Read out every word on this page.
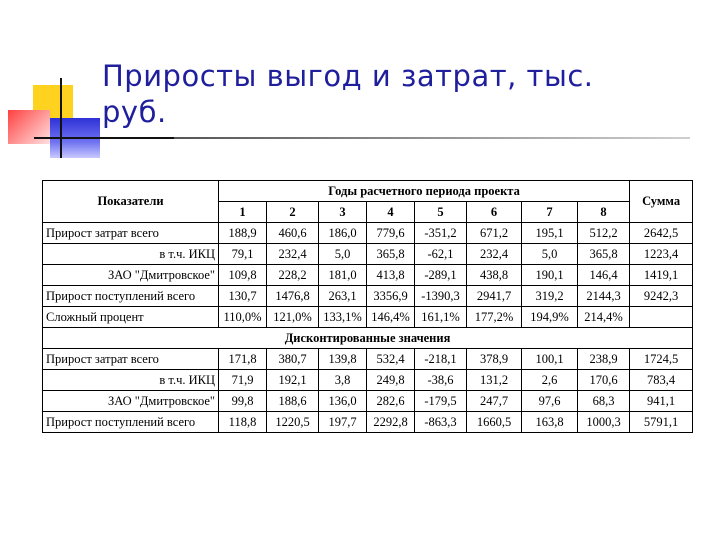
Приросты выгод и затрат, тыс. руб.
Показатели	Годы расчетного периода проекта								Сумма
	1	2	3	4	5	6	7	8	
Прирост затрат всего	188,9	460,6	186,0	779,6	-351,2	671,2	195,1	512,2	2642,5
в т.ч. ИКЦ	79,1	232,4	5,0	365,8	-62,1	232,4	5,0	365,8	1223,4
ЗАО "Дмитровское"	109,8	228,2	181,0	413,8	-289,1	438,8	190,1	146,4	1419,1
Прирост поступлений всего	130,7	1476,8	263,1	3356,9	-1390,3	2941,7	319,2	2144,3	9242,3
Сложный процент	110,0%	121,0%	133,1%	146,4%	161,1%	177,2%	194,9%	214,4%	
Дисконтированные значения									
Прирост затрат всего	171,8	380,7	139,8	532,4	-218,1	378,9	100,1	238,9	1724,5
в т.ч. ИКЦ	71,9	192,1	3,8	249,8	-38,6	131,2	2,6	170,6	783,4
ЗАО "Дмитровское"	99,8	188,6	136,0	282,6	-179,5	247,7	97,6	68,3	941,1
Прирост поступлений всего	118,8	1220,5	197,7	2292,8	-863,3	1660,5	163,8	1000,3	5791,1
